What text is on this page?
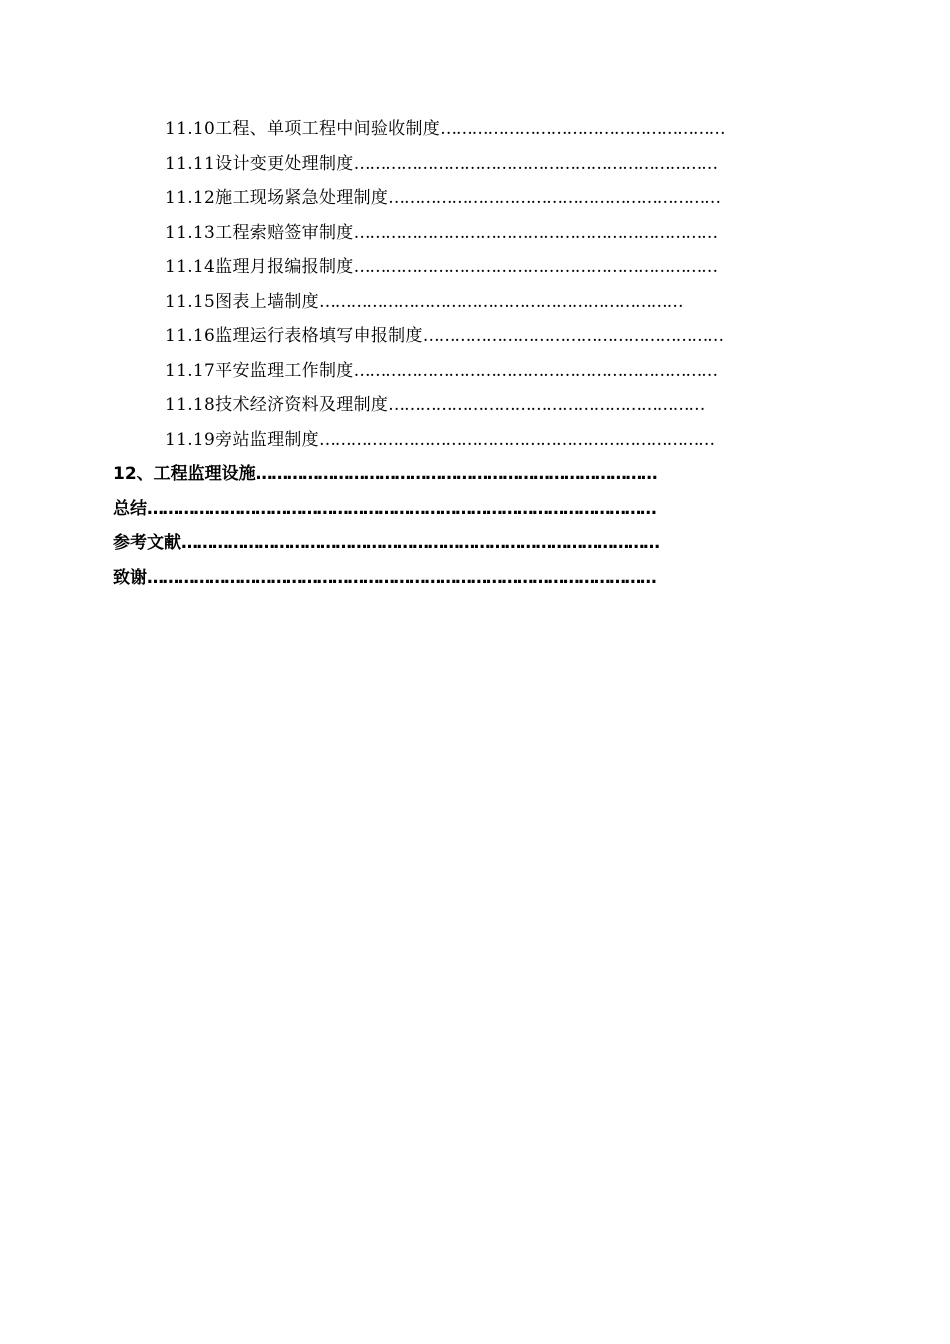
11.10工程、单项工程中间验收制度………………………………………………
11.11设计变更处理制度……………………………………………………………
11.12施工现场紧急处理制度………………………………………………………
11.13工程索赔签审制度……………………………………………………………
11.14监理月报编报制度……………………………………………………………
11.15图表上墙制度……………………………………………………………
11.16监理运行表格填写申报制度…………………………………………………
11.17平安监理工作制度……………………………………………………………
11.18技术经济资料及理制度……………………………………………………
11.19旁站监理制度…………………………………………………………………
12、工程监理设施……………………………………………………………………
总结………………………………………………………………………………………
参考文献…………………………………………………………………………………
致谢………………………………………………………………………………………
